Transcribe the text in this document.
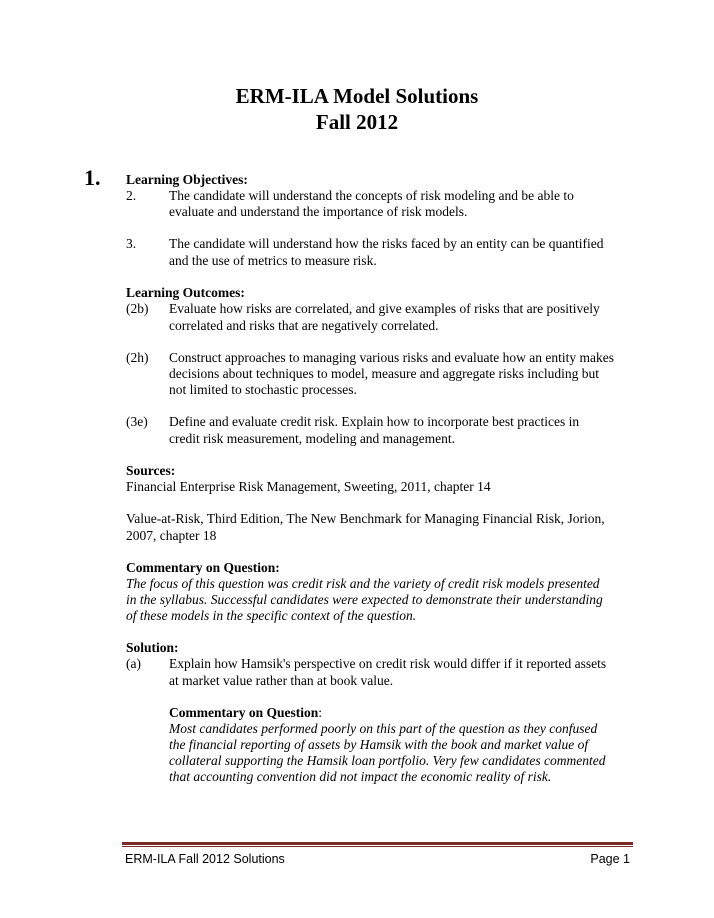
ERM-ILA Model Solutions
Fall 2012
1. Learning Objectives:
2. The candidate will understand the concepts of risk modeling and be able to
evaluate and understand the importance of risk models.
3. The candidate will understand how the risks faced by an entity can be quantified
and the use of metrics to measure risk.
Learning Outcomes:
(2b) Evaluate how risks are correlated, and give examples of risks that are positively
correlated and risks that are negatively correlated.
(2h) Construct approaches to managing various risks and evaluate how an entity makes
decisions about techniques to model, measure and aggregate risks including but
not limited to stochastic processes.
(3e) Define and evaluate credit risk. Explain how to incorporate best practices in
credit risk measurement, modeling and management.
Sources:
Financial Enterprise Risk Management, Sweeting, 2011, chapter 14
Value-at-Risk, Third Edition, The New Benchmark for Managing Financial Risk, Jorion,
2007, chapter 18
Commentary on Question:
The focus of this question was credit risk and the variety of credit risk models presented
in the syllabus. Successful candidates were expected to demonstrate their understanding
of these models in the specific context of the question.
Solution:
(a) Explain how Hamsik's perspective on credit risk would differ if it reported assets
at market value rather than at book value.
Commentary on Question:
Most candidates performed poorly on this part of the question as they confused
the financial reporting of assets by Hamsik with the book and market value of
collateral supporting the Hamsik loan portfolio. Very few candidates commented
that accounting convention did not impact the economic reality of risk.
ERM-ILA Fall 2012 Solutions	Page 1
